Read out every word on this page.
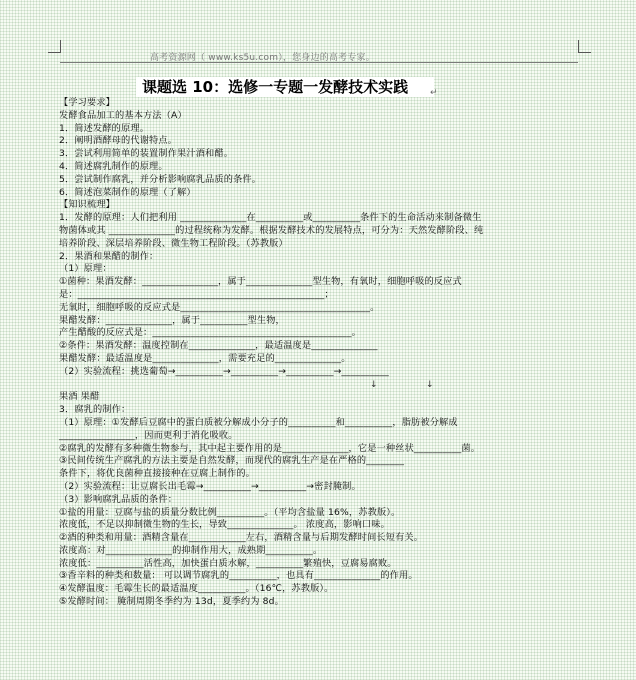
高考资源网（ www.ks5u.com），您身边的高考专家。
课题选 10：选修一专题一发酵技术实践	↵
【学习要求】
发酵食品加工的基本方法（A）
1．简述发酵的原理。
2．阐明酒酵母的代谢特点。
3．尝试利用简单的装置制作果汁酒和醋。
4．简述腐乳制作的原理。
5．尝试制作腐乳，并分析影响腐乳品质的条件。
6．简述泡菜制作的原理（了解）
【知识梳理】
1．发酵的原理：人们把利用 ______________在__________或__________条件下的生命活动来制备微生
物菌体或其 ______________的过程统称为发酵。根据发酵技术的发展特点，可分为：天然发酵阶段、纯
培养阶段、深层培养阶段、微生物工程阶段。（苏教版）
2．果酒和果醋的制作：
（1）原理：
①菌种：果酒发酵：________________，属于______________型生物，有氧时，细胞呼吸的反应式
是：____________________________________________________；
无氧时，细胞呼吸的反应式是________________________________________。
果醋发酵：______________，属于__________型生物，
产生醋酸的反应式是：__________________________________________。
②条件：果酒发酵：温度控制在______________，最适温度是______________
果醋发酵：最适温度是______________，需要充足的______________。
（2）实验流程：挑选葡萄→__________→__________→__________→__________
↓	↓
果酒 果醋
3．腐乳的制作：
（1）原理：①发酵后豆腐中的蛋白质被分解成小分子的__________和__________，脂肪被分解成
________________，因而更利于消化吸收。
②腐乳的发酵有多种微生物参与，其中起主要作用的是______________，它是一种丝状__________菌。
③民间传统生产腐乳的方法主要是自然发酵，而现代的腐乳生产是在严格的________
条件下，将优良菌种直接接种在豆腐上制作的。
（2）实验流程：让豆腐长出毛霉→__________→__________→密封腌制。
（3）影响腐乳品质的条件：
①盐的用量：豆腐与盐的质量分数比例__________。（平均含盐量 16%，苏教版）。
浓度低，不足以抑制微生物的生长，导致______________。 浓度高，影响口味。
②酒的种类和用量：酒精含量在____________左右，酒精含量与后期发酵时间长短有关。
浓度高：对______________的抑制作用大，成熟期__________。
浓度低：__________活性高，加快蛋白质水解，__________繁殖快，豆腐易腐败。
③香辛料的种类和数量： 可以调节腐乳的__________，也具有______________的作用。
④发酵温度：毛霉生长的最适温度__________。（16℃，苏教版）。
⑤发酵时间： 腌制周期冬季约为 13d，夏季约为 8d。
